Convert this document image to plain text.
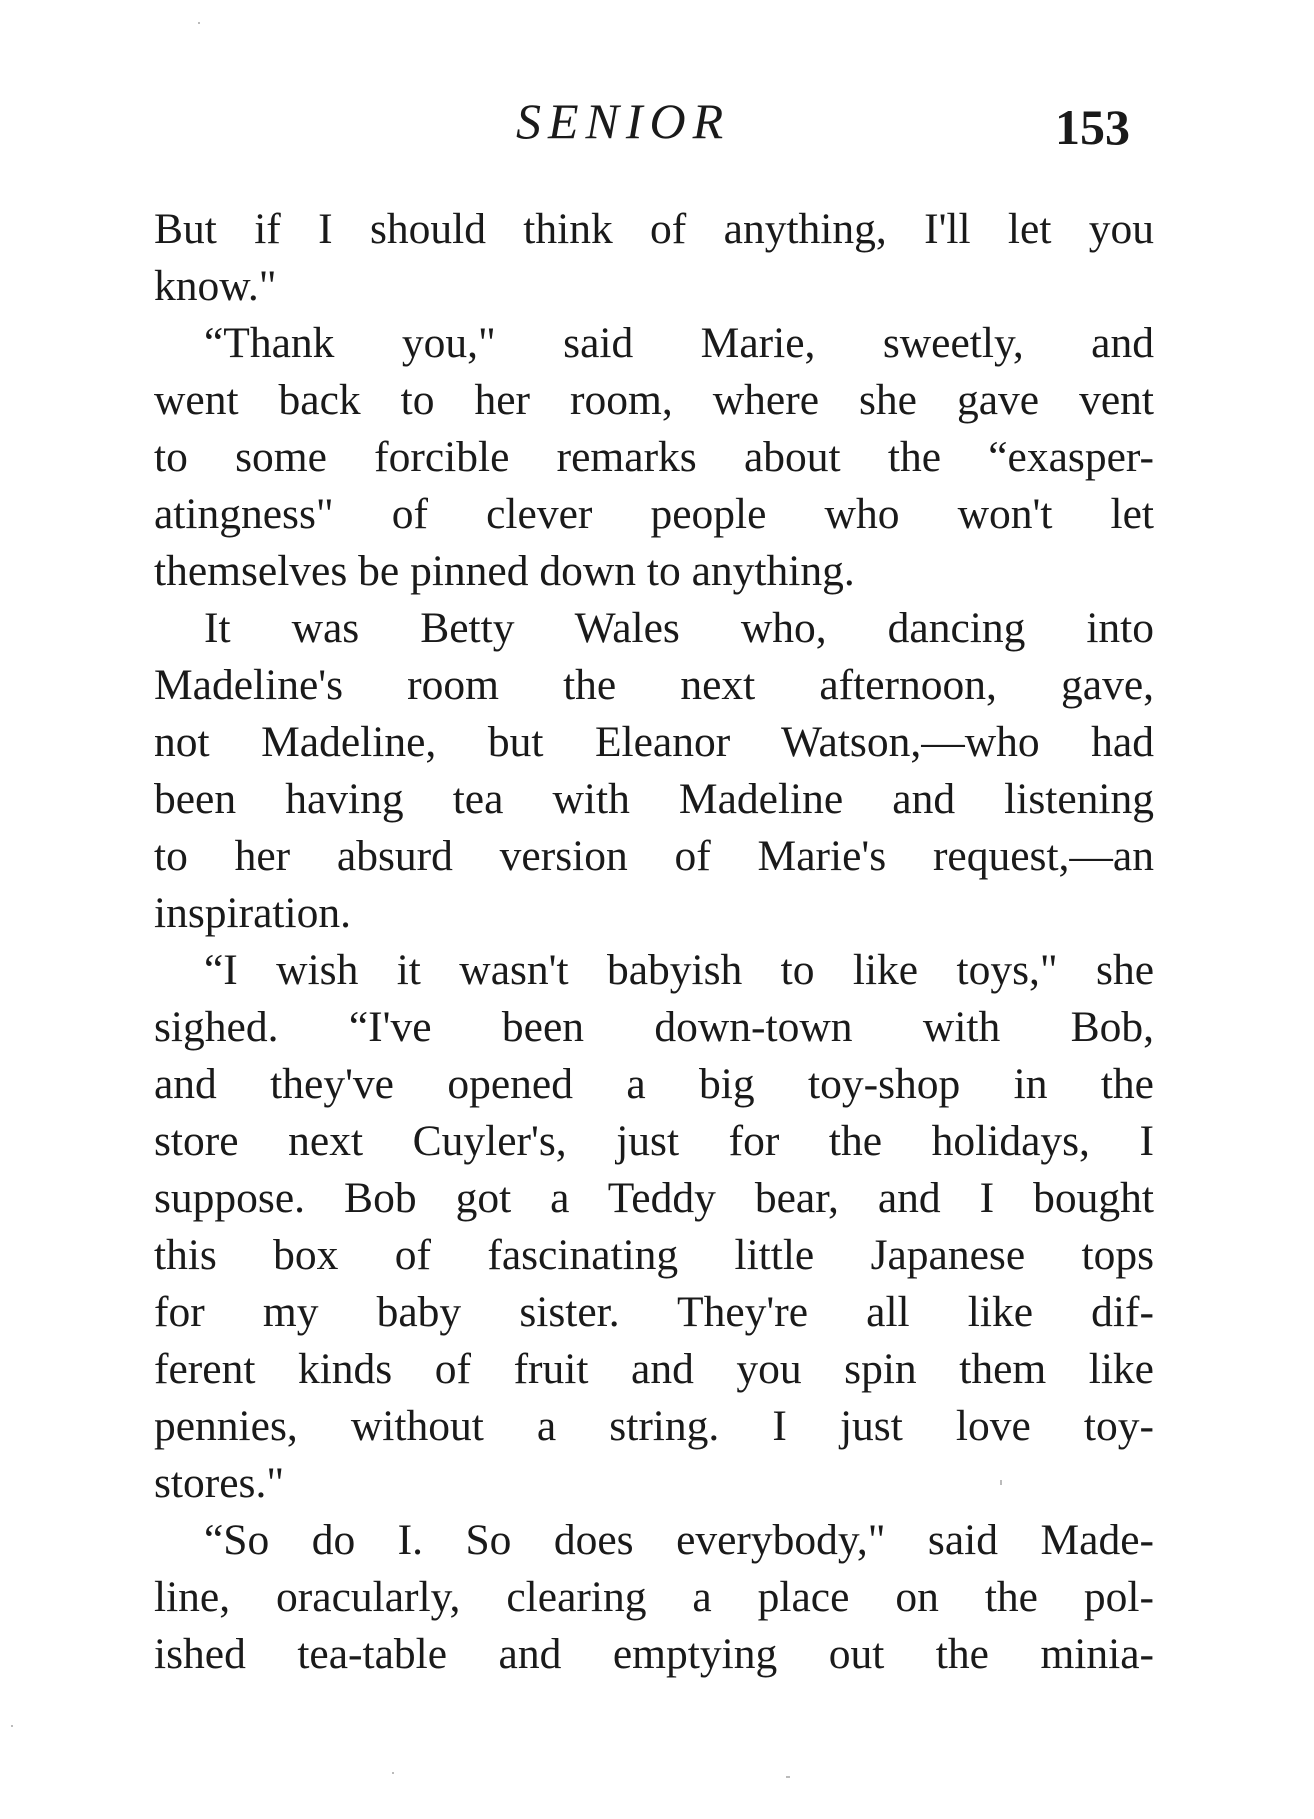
SENIOR	153
But if I should think of anything, I'll let you
know."
“Thank you," said Marie, sweetly, and
went back to her room, where she gave vent
to some forcible remarks about the “exasper-
atingness" of clever people who won't let
themselves be pinned down to anything.
It was Betty Wales who, dancing into
Madeline's room the next afternoon, gave,
not Madeline, but Eleanor Watson,—who had
been having tea with Madeline and listening
to her absurd version of Marie's request,—an
inspiration.
“I wish it wasn't babyish to like toys," she
sighed. “I've been down-town with Bob,
and they've opened a big toy-shop in the
store next Cuyler's, just for the holidays, I
suppose. Bob got a Teddy bear, and I bought
this box of fascinating little Japanese tops
for my baby sister. They're all like dif-
ferent kinds of fruit and you spin them like
pennies, without a string. I just love toy-
stores."
“So do I. So does everybody," said Made-
line, oracularly, clearing a place on the pol-
ished tea-table and emptying out the minia-
